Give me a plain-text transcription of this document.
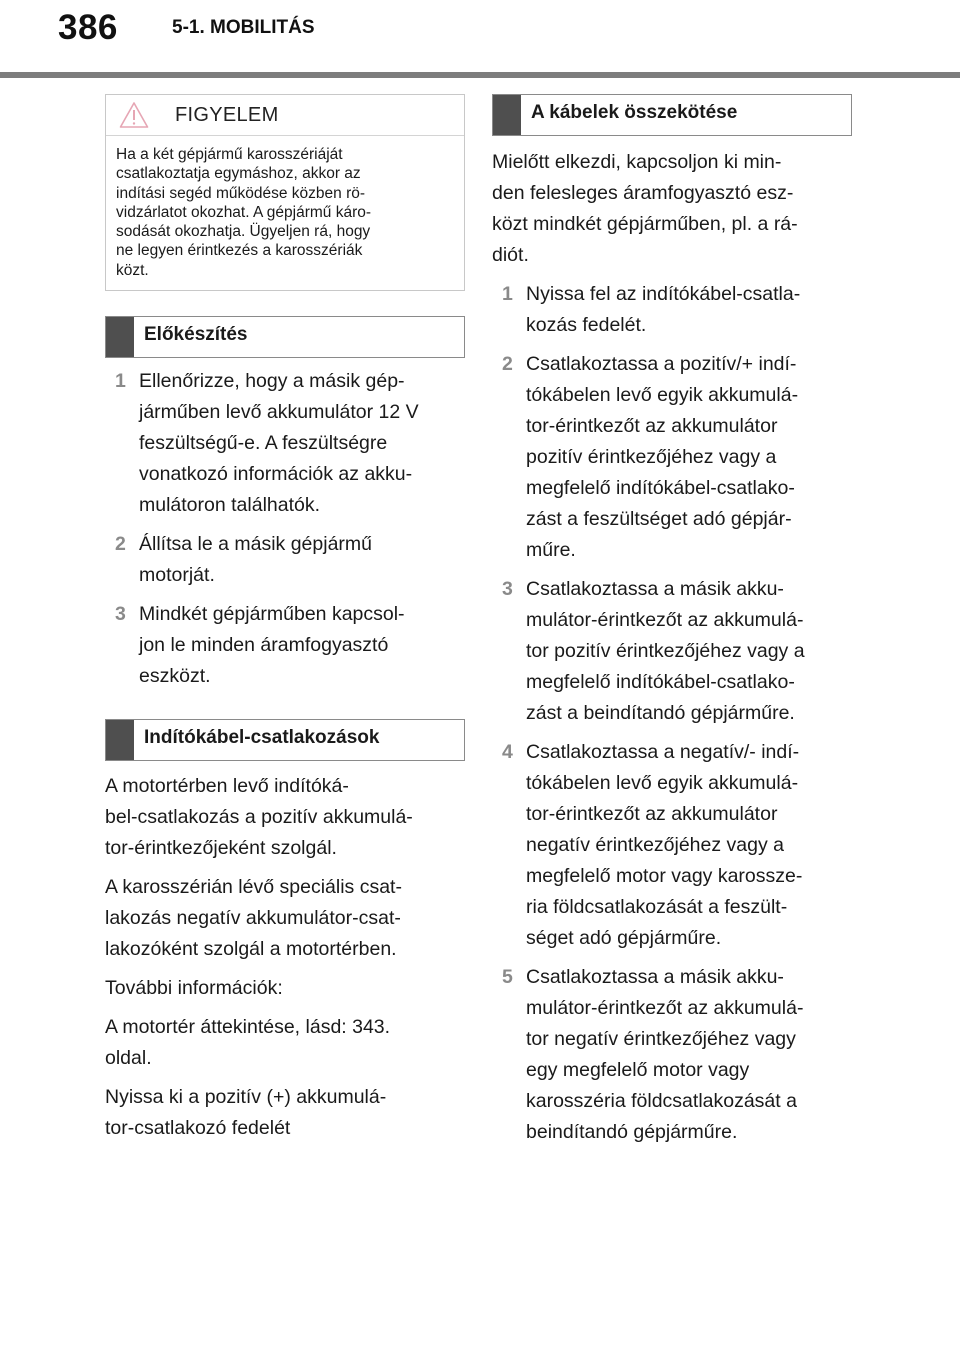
386	5-1. MOBILITÁS
FIGYELEM
Ha a két gépjármű karosszériáját
csatlakoztatja egymáshoz, akkor az
indítási segéd működése közben rö-
vidzárlatot okozhat. A gépjármű káro-
sodását okozhatja. Ügyeljen rá, hogy
ne legyen érintkezés a karosszériák
közt.
Előkészítés
1 Ellenőrizze, hogy a másik gép-
járműben levő akkumulátor 12 V
feszültségű-e. A feszültségre
vonatkozó információk az akku-
mulátoron találhatók.
2 Állítsa le a másik gépjármű
motorját.
3 Mindkét gépjárműben kapcsol-
jon le minden áramfogyasztó
eszközt.
Indítókábel-csatlakozások

A motortérben levő indítóká-
bel-csatlakozás a pozitív akkumulá-
tor-érintkezőjeként szolgál.

A karosszérián lévő speciális csat-
lakozás negatív akkumulátor-csat-
lakozóként szolgál a motortérben.

További információk:

A motortér áttekintése, lásd: 343.
oldal.

Nyissa ki a pozitív (+) akkumulá-
tor-csatlakozó fedelét

A kábelek összekötése

Mielőtt elkezdi, kapcsoljon ki min-
den felesleges áramfogyasztó esz-
közt mindkét gépjárműben, pl. a rá-
diót.

1 Nyissa fel az indítókábel-csatla-
kozás fedelét.
2 Csatlakoztassa a pozitív/+ indí-
tókábelen levő egyik akkumulá-
tor-érintkezőt az akkumulátor
pozitív érintkezőjéhez vagy a
megfelelő indítókábel-csatlako-
zást a feszültséget adó gépjár-
műre.
3 Csatlakoztassa a másik akku-
mulátor-érintkezőt az akkumulá-
tor pozitív érintkezőjéhez vagy a
megfelelő indítókábel-csatlako-
zást a beindítandó gépjárműre.
4 Csatlakoztassa a negatív/- indí-
tókábelen levő egyik akkumulá-
tor-érintkezőt az akkumulátor
negatív érintkezőjéhez vagy a
megfelelő motor vagy karossze-
ria földcsatlakozását a feszült-
séget adó gépjárműre.
5 Csatlakoztassa a másik akku-
mulátor-érintkezőt az akkumulá-
tor negatív érintkezőjéhez vagy
egy megfelelő motor vagy
karosszéria földcsatlakozását a
beindítandó gépjárműre.
